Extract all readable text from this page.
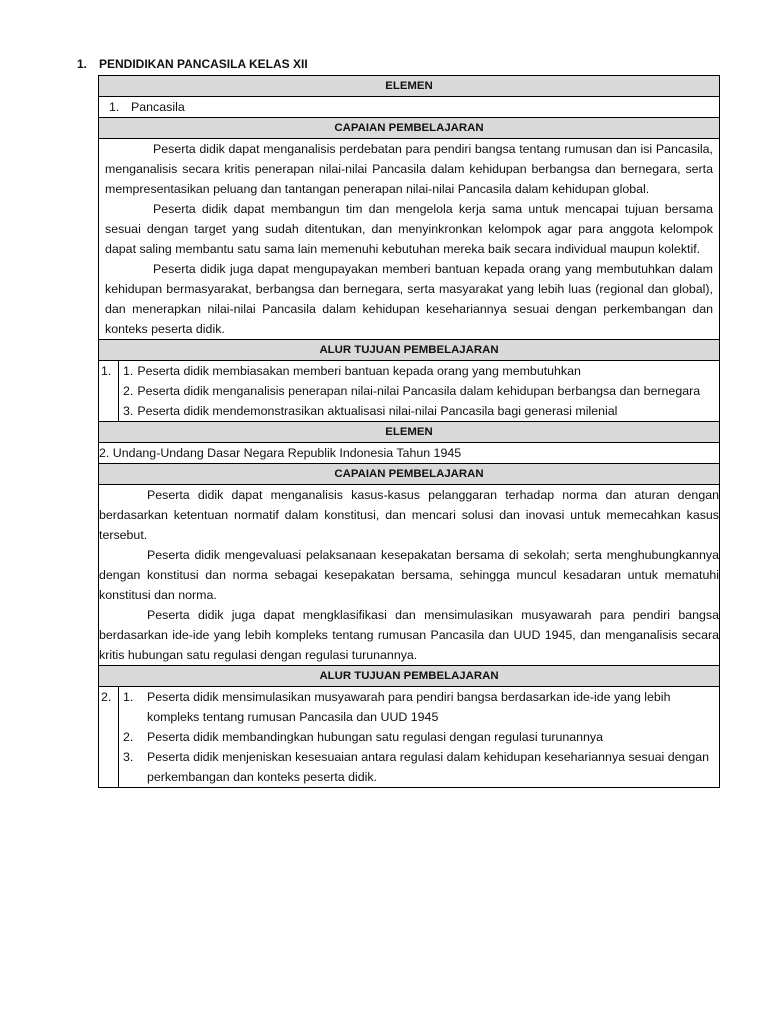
1. PENDIDIKAN PANCASILA KELAS XII
ELEMEN

1. Pancasila

CAPAIAN PEMBELAJARAN

Peserta didik dapat menganalisis perdebatan para pendiri bangsa tentang rumusan dan isi Pancasila, menganalisis secara kritis penerapan nilai-nilai Pancasila dalam kehidupan berbangsa dan bernegara, serta mempresentasikan peluang dan tantangan penerapan nilai-nilai Pancasila dalam kehidupan global.

Peserta didik dapat membangun tim dan mengelola kerja sama untuk mencapai tujuan bersama sesuai dengan target yang sudah ditentukan, dan menyinkronkan kelompok agar para anggota kelompok dapat saling membantu satu sama lain memenuhi kebutuhan mereka baik secara individual maupun kolektif.

Peserta didik juga dapat mengupayakan memberi bantuan kepada orang yang membutuhkan dalam kehidupan bermasyarakat, berbangsa dan bernegara, serta masyarakat yang lebih luas (regional dan global), dan menerapkan nilai-nilai Pancasila dalam kehidupan kesehariannya sesuai dengan perkembangan dan konteks peserta didik.

ALUR TUJUAN PEMBELAJARAN

1. 1. Peserta didik membiasakan memberi bantuan kepada orang yang membutuhkan
2. Peserta didik menganalisis penerapan nilai-nilai Pancasila dalam kehidupan berbangsa dan bernegara
3. Peserta didik mendemonstrasikan aktualisasi nilai-nilai Pancasila bagi generasi milenial

ELEMEN
2. Undang-Undang Dasar Negara Republik Indonesia Tahun 1945
CAPAIAN PEMBELAJARAN

Peserta didik dapat menganalisis kasus-kasus pelanggaran terhadap norma dan aturan dengan berdasarkan ketentuan normatif dalam konstitusi, dan mencari solusi dan inovasi untuk memecahkan kasus tersebut.

Peserta didik mengevaluasi pelaksanaan kesepakatan bersama di sekolah; serta menghubungkannya dengan konstitusi dan norma sebagai kesepakatan bersama, sehingga muncul kesadaran untuk mematuhi konstitusi dan norma.

Peserta didik juga dapat mengklasifikasi dan mensimulasikan musyawarah para pendiri bangsa berdasarkan ide-ide yang lebih kompleks tentang rumusan Pancasila dan UUD 1945, dan menganalisis secara kritis hubungan satu regulasi dengan regulasi turunannya.

ALUR TUJUAN PEMBELAJARAN

2. 1.	Peserta didik mensimulasikan musyawarah para pendiri bangsa berdasarkan ide-ide yang lebih kompleks tentang rumusan Pancasila dan UUD 1945
2.	Peserta didik membandingkan hubungan satu regulasi dengan regulasi turunannya
3.	Peserta didik menjeniskan kesesuaian antara regulasi dalam kehidupan kesehariannya sesuai dengan perkembangan dan konteks peserta didik.
